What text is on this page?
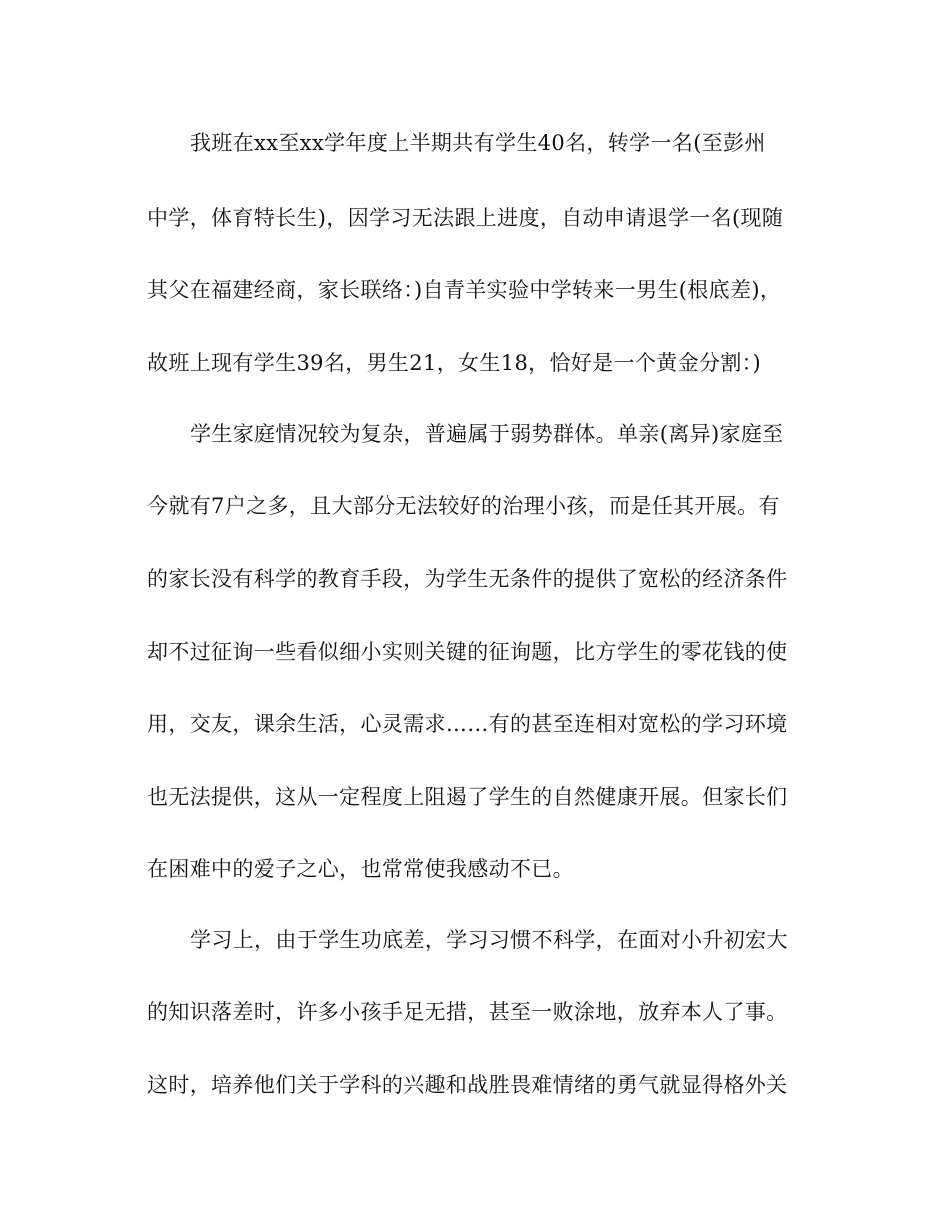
我班在xx至xx学年度上半期共有学生40名，转学一名(至彭州
中学，体育特长生)，因学习无法跟上进度，自动申请退学一名(现随
其父在福建经商，家长联络：)自青羊实验中学转来一男生(根底差)，
故班上现有学生39名，男生21，女生18，恰好是一个黄金分割：)
学生家庭情况较为复杂，普遍属于弱势群体。单亲(离异)家庭至
今就有7户之多，且大部分无法较好的治理小孩，而是任其开展。有
的家长没有科学的教育手段，为学生无条件的提供了宽松的经济条件
却不过征询一些看似细小实则关键的征询题，比方学生的零花钱的使
用，交友，课余生活，心灵需求……有的甚至连相对宽松的学习环境
也无法提供，这从一定程度上阻遏了学生的自然健康开展。但家长们
在困难中的爱子之心，也常常使我感动不已。
学习上，由于学生功底差，学习习惯不科学，在面对小升初宏大
的知识落差时，许多小孩手足无措，甚至一败涂地，放弃本人了事。
这时，培养他们关于学科的兴趣和战胜畏难情绪的勇气就显得格外关
